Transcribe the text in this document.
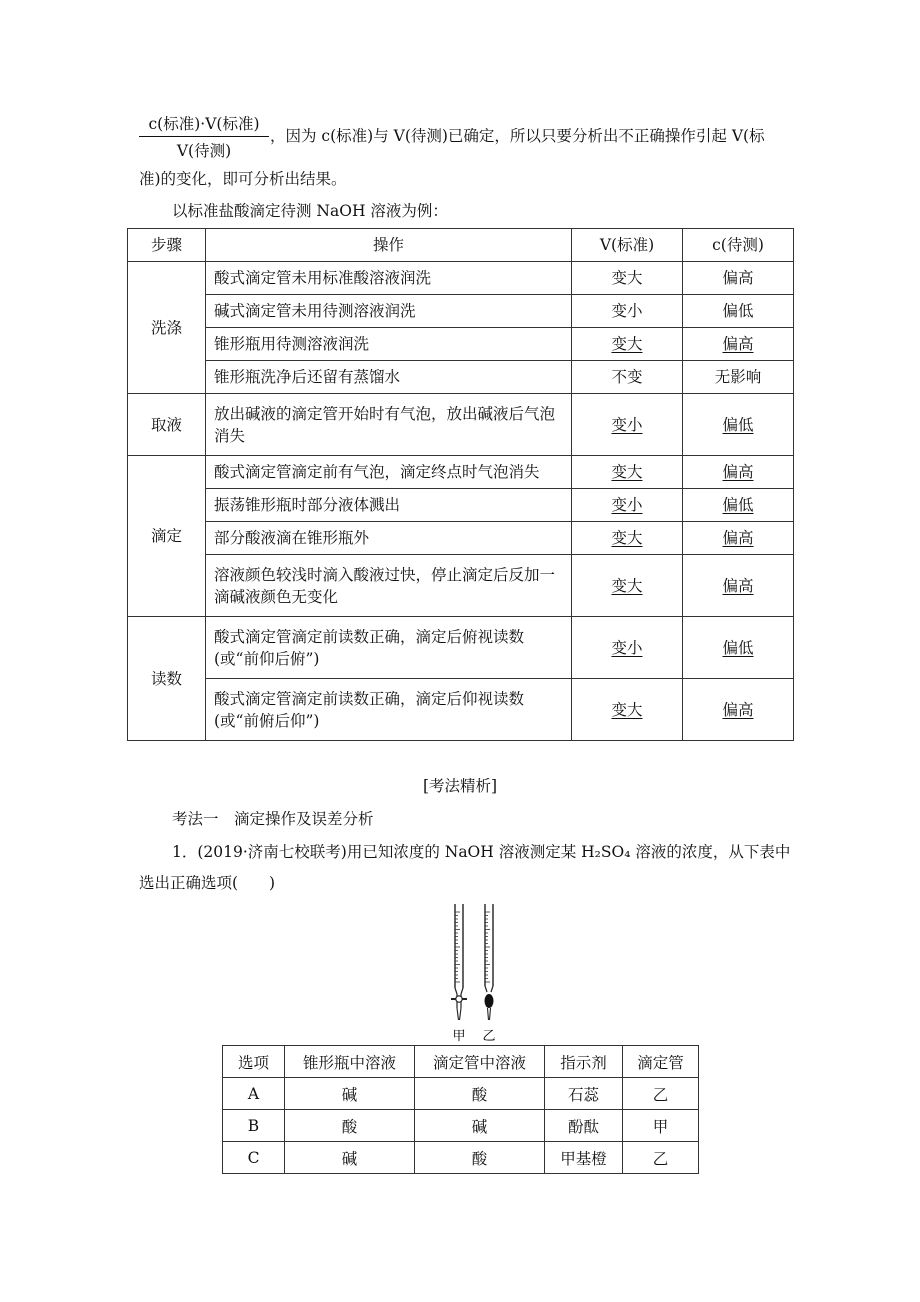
c(标准)·V(标准)
V(待测)
，因为 c(标准)与 V(待测)已确定，所以只要分析出不正确操作引起 V(标
准)的变化，即可分析出结果。
以标准盐酸滴定待测 NaOH 溶液为例：
步骤	操作	V(标准)	c(待测)
洗涤	酸式滴定管未用标准酸溶液润洗	变大	偏高
	碱式滴定管未用待测溶液润洗	变小	偏低
	锥形瓶用待测溶液润洗	变大	偏高
	锥形瓶洗净后还留有蒸馏水	不变	无影响
取液	放出碱液的滴定管开始时有气泡，放出碱液后气泡消失	变小	偏低
滴定	酸式滴定管滴定前有气泡，滴定终点时气泡消失	变大	偏高
	振荡锥形瓶时部分液体溅出	变小	偏低
	部分酸液滴在锥形瓶外	变大	偏高
	溶液颜色较浅时滴入酸液过快，停止滴定后反加一滴碱液颜色无变化	变大	偏高
读数	酸式滴定管滴定前读数正确，滴定后俯视读数(或“前仰后俯”)	变小	偏低
	酸式滴定管滴定前读数正确，滴定后仰视读数(或“前俯后仰”)	变大	偏高
[考法精析]
考法一　滴定操作及误差分析
1．(2019·济南七校联考)用已知浓度的 NaOH 溶液测定某 H₂SO₄ 溶液的浓度，从下表中
选出正确选项(　　)
甲 乙
选项	锥形瓶中溶液	滴定管中溶液	指示剂	滴定管
A	碱	酸	石蕊	乙
B	酸	碱	酚酞	甲
C	碱	酸	甲基橙	乙
